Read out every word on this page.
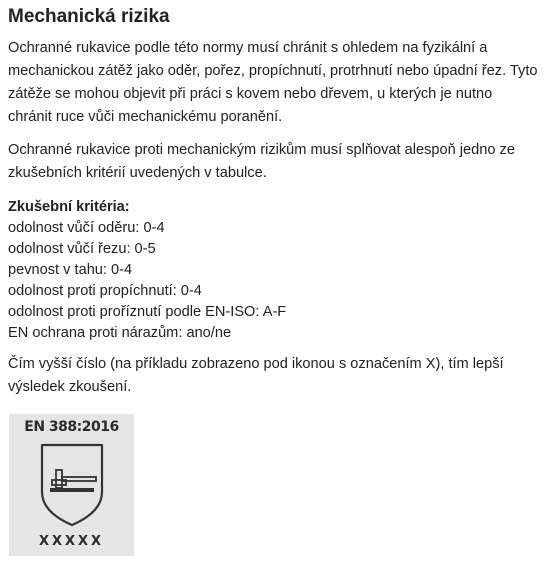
Mechanická rizika

Ochranné rukavice podle této normy musí chránit s ohledem na fyzikální a mechanickou zátěž jako oděr, pořez, propíchnutí, protrhnutí nebo úpadní řez. Tyto zátěže se mohou objevit při práci s kovem nebo dřevem, u kterých je nutno chránit ruce vůči mechanickému poranění.

Ochranné rukavice proti mechanickým rizikům musí splňovat alespoň jedno ze zkušebních kritérií uvedených v tabulce.

Zkušební kritéria:
odolnost vůčí oděru: 0-4
odolnost vůčí řezu: 0-5
pevnost v tahu: 0-4
odolnost proti propíchnutí: 0-4
odolnost proti proříznutí podle EN-ISO: A-F
EN ochrana proti nárazům: ano/ne

Čím vyšší číslo (na příkladu zobrazeno pod ikonou s označením X), tím lepší výsledek zkoušení.

EN 388:2016
XXXXX
